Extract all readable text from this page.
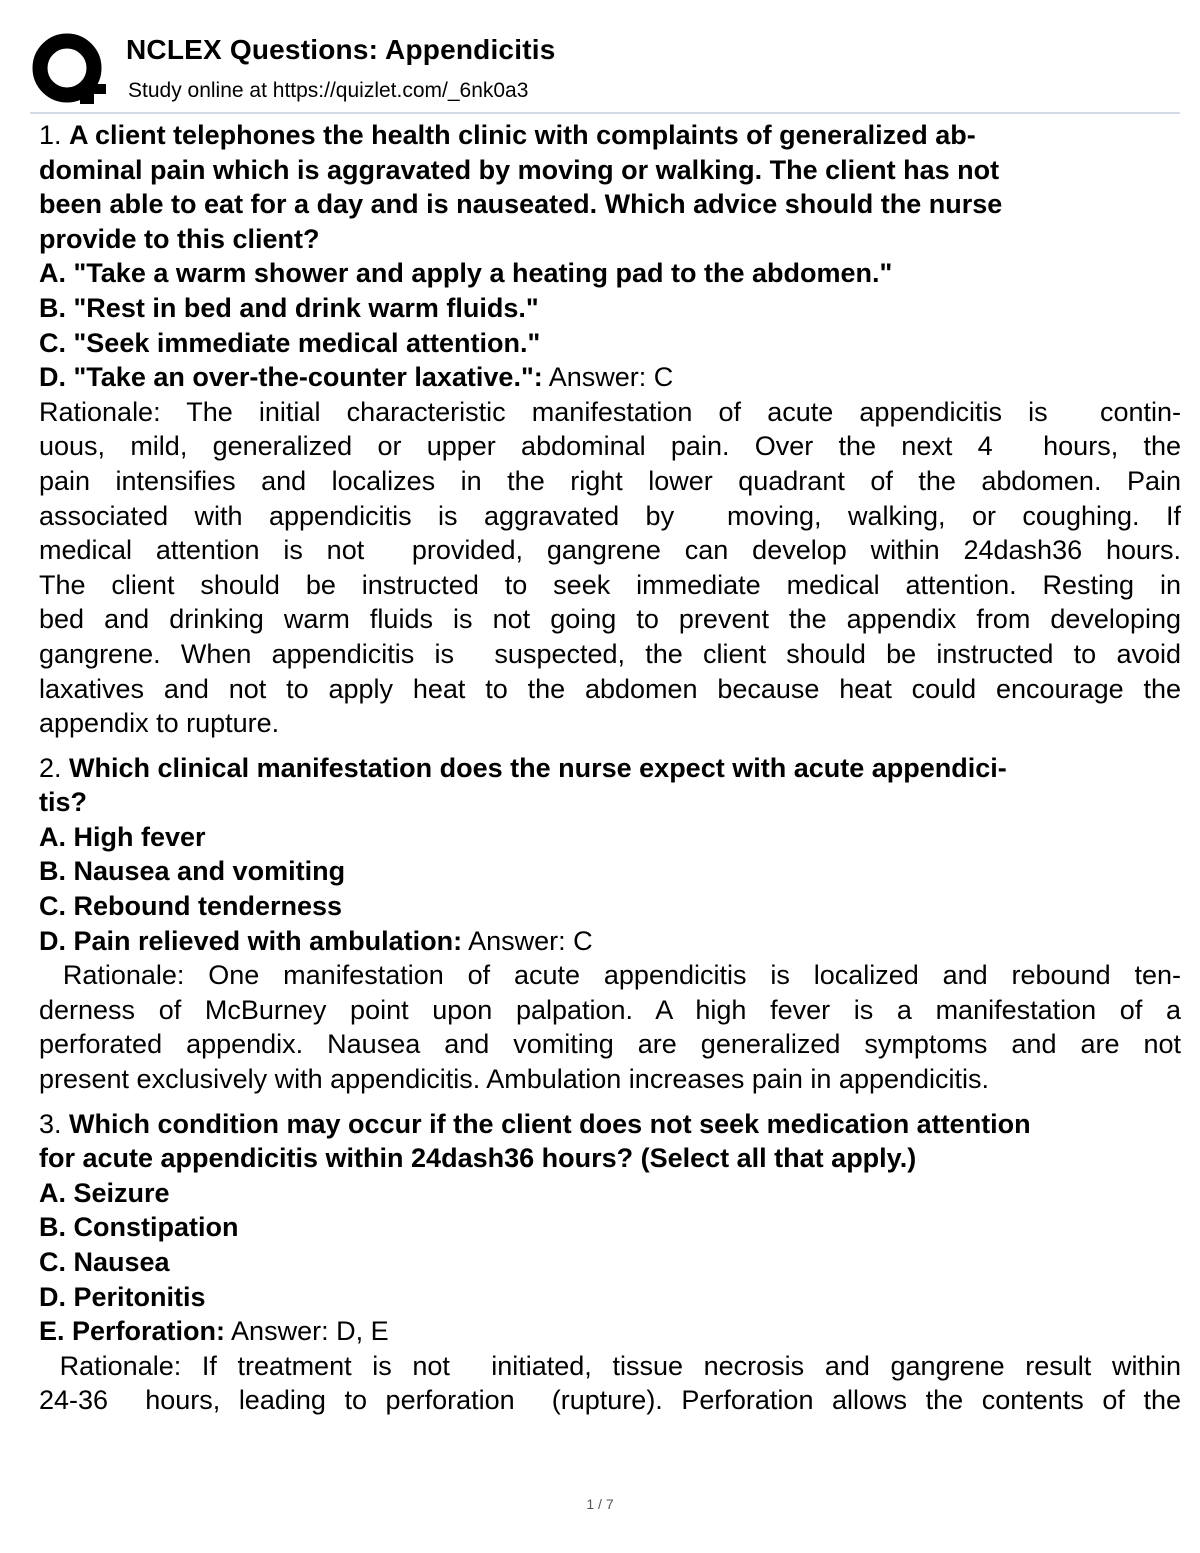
NCLEX Questions: Appendicitis
Study online at https://quizlet.com/_6nk0a3
1. A client telephones the health clinic with complaints of generalized ab-
dominal pain which is aggravated by moving or walking. The client has not
been able to eat for a day and is nauseated. Which advice should the nurse
provide to this client?
A. "Take a warm shower and apply a heating pad to the abdomen."
B. "Rest in bed and drink warm fluids."
C. "Seek immediate medical attention."
D. "Take an over-the-counter laxative.": Answer: C
Rationale: The initial characteristic manifestation of acute appendicitis is  contin-
uous, mild, generalized or upper abdominal pain. Over the next 4  hours, the
pain intensifies and localizes in the right lower quadrant of the abdomen. Pain
associated with appendicitis is aggravated by  moving, walking, or coughing. If
medical attention is not  provided, gangrene can develop within 24dash36 hours.
The client should be instructed to seek immediate medical attention. Resting in
bed and drinking warm fluids is not going to prevent the appendix from developing
gangrene. When appendicitis is  suspected, the client should be instructed to avoid
laxatives and not to apply heat to the abdomen because heat could encourage the
appendix to rupture.
2. Which clinical manifestation does the nurse expect with acute appendici-
tis?
A. High fever
B. Nausea and vomiting
C. Rebound tenderness
D. Pain relieved with ambulation: Answer: C
Rationale: One manifestation of acute appendicitis is localized and rebound ten-
derness of McBurney point upon palpation. A high fever is a manifestation of a
perforated appendix. Nausea and vomiting are generalized symptoms and are not
present exclusively with appendicitis. Ambulation increases pain in appendicitis.
3. Which condition may occur if the client does not seek medication attention
for acute appendicitis within 24dash36 hours? (Select all that apply.)
A. Seizure
B. Constipation
C. Nausea
D. Peritonitis
E. Perforation: Answer: D, E
Rationale: If treatment is not  initiated, tissue necrosis and gangrene result within
24-36  hours, leading to perforation  (rupture). Perforation allows the contents of the
1 / 7
